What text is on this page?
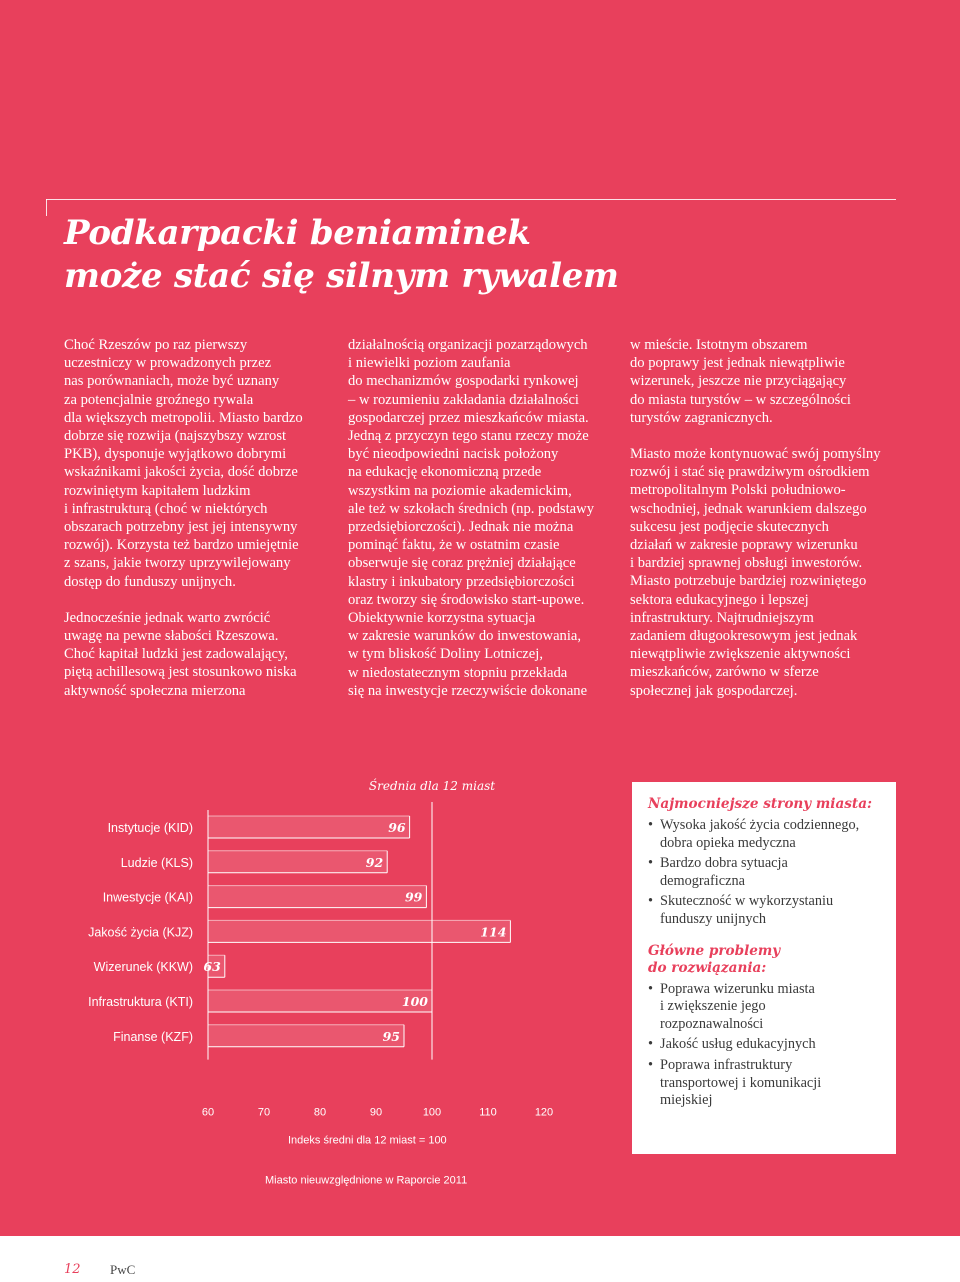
Podkarpacki beniaminek
może stać się silnym rywalem

Choć Rzeszów po raz pierwszy

uczestniczy w prowadzonych przez

nas porównaniach, może być uznany

za potencjalnie groźnego rywala

dla większych metropolii. Miasto bardzo

dobrze się rozwija (najszybszy wzrost

PKB), dysponuje wyjątkowo dobrymi

wskaźnikami jakości życia, dość dobrze

rozwiniętym kapitałem ludzkim

i infrastrukturą (choć w niektórych

obszarach potrzebny jest jej intensywny

rozwój). Korzysta też bardzo umiejętnie

z szans, jakie tworzy uprzywilejowany

dostęp do funduszy unijnych.

Jednocześnie jednak warto zwrócić

uwagę na pewne słabości Rzeszowa.

Choć kapitał ludzki jest zadowalający,

piętą achillesową jest stosunkowo niska

aktywność społeczna mierzona

działalnością organizacji pozarządowych

i niewielki poziom zaufania

do mechanizmów gospodarki rynkowej

– w rozumieniu zakładania działalności

gospodarczej przez mieszkańców miasta.

Jedną z przyczyn tego stanu rzeczy może

być nieodpowiedni nacisk położony

na edukację ekonomiczną przede

wszystkim na poziomie akademickim,

ale też w szkołach średnich (np. podstawy

przedsiębiorczości). Jednak nie można

pominąć faktu, że w ostatnim czasie

obserwuje się coraz prężniej działające

klastry i inkubatory przedsiębiorczości

oraz tworzy się środowisko start-upowe.

Obiektywnie korzystna sytuacja

w zakresie warunków do inwestowania,

w tym bliskość Doliny Lotniczej,

w niedostatecznym stopniu przekłada

się na inwestycje rzeczywiście dokonane

w mieście. Istotnym obszarem

do poprawy jest jednak niewątpliwie

wizerunek, jeszcze nie przyciągający

do miasta turystów – w szczególności

turystów zagranicznych.

Miasto może kontynuować swój pomyślny

rozwój i stać się prawdziwym ośrodkiem

metropolitalnym Polski południowo-

wschodniej, jednak warunkiem dalszego

sukcesu jest podjęcie skutecznych

działań w zakresie poprawy wizerunku

i bardziej sprawnej obsługi inwestorów.

Miasto potrzebuje bardziej rozwiniętego

sektora edukacyjnego i lepszej

infrastruktury. Najtrudniejszym

zadaniem długookresowym jest jednak

niewątpliwie zwiększenie aktywności

mieszkańców, zarówno w sferze

społecznej jak gospodarczej.

Średnia dla 12 miast
Instytucje (KID)	96
Ludzie (KLS)	92
Inwestycje (KAI)	99
Jakość życia (KJZ)	114
Wizerunek (KKW) 63
Infrastruktura (KTI)	100
Finanse (KZF)	95
60	70	80	90	100	110	120
Indeks średni dla 12 miast = 100
Miasto nieuwzględnione w Raporcie 2011

Najmocniejsze strony miasta:

• Wysoka jakość życia codziennego,
dobra opieka medyczna
• Bardzo dobra sytuacja
demograficzna
• Skuteczność w wykorzystaniu
funduszy unijnych

Główne problemy
do rozwiązania:

• Poprawa wizerunku miasta
i zwiększenie jego
rozpoznawalności
• Jakość usług edukacyjnych
• Poprawa infrastruktury
transportowej i komunikacji
miejskiej
12 PwC
